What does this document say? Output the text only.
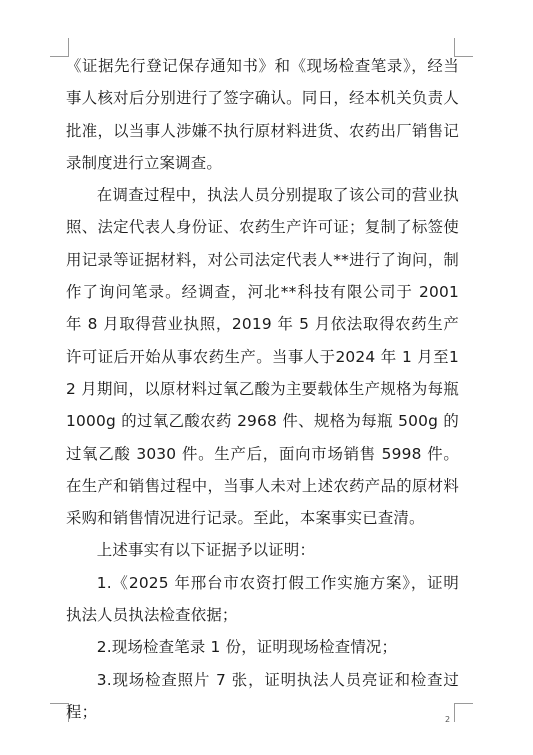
《证据先行登记保存通知书》和《现场检查笔录》，经当事人核对后分别进行了签字确认。同日，经本机关负责人批准，以当事人涉嫌不执行原材料进货、农药出厂销售记录制度进行立案调查。

在调查过程中，执法人员分别提取了该公司的营业执照、法定代表人身份证、农药生产许可证；复制了标签使用记录等证据材料，对公司法定代表人**进行了询问，制作了询问笔录。经调查，河北**科技有限公司于 2001 年 8 月取得营业执照，2019 年 5 月依法取得农药生产许可证后开始从事农药生产。当事人于2024 年 1 月至12 月期间，以原材料过氧乙酸为主要载体生产规格为每瓶 1000g 的过氧乙酸农药 2968 件、规格为每瓶 500g 的过氧乙酸 3030 件。生产后，面向市场销售 5998 件。在生产和销售过程中，当事人未对上述农药产品的原材料采购和销售情况进行记录。至此，本案事实已查清。

上述事实有以下证据予以证明：

1.《2025 年邢台市农资打假工作实施方案》，证明执法人员执法检查依据；

2.现场检查笔录 1 份，证明现场检查情况；

3.现场检查照片 7 张，证明执法人员亮证和检查过程；	2
